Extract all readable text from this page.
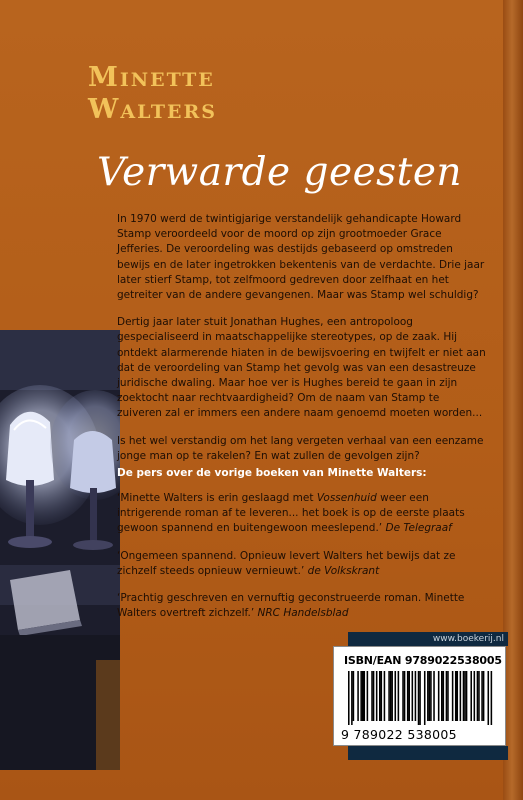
Minette
Walters
Verwarde geesten

In 1970 werd de twintigjarige verstandelijk gehandicapte Howard Stamp veroordeeld voor de moord op zijn grootmoeder Grace Jefferies. De veroordeling was destijds gebaseerd op omstreden bewijs en de later ingetrokken bekentenis van de verdachte. Drie jaar later stierf Stamp, tot zelfmoord gedreven door zelfhaat en het getreiter van de andere gevangenen. Maar was Stamp wel schuldig?

Dertig jaar later stuit Jonathan Hughes, een antropoloog gespecialiseerd in maatschappelijke stereotypes, op de zaak. Hij ontdekt alarmerende hiaten in de bewijsvoering en twijfelt er niet aan dat de veroordeling van Stamp het gevolg was van een desastreuze juridische dwaling. Maar hoe ver is Hughes bereid te gaan in zijn zoektocht naar rechtvaardigheid? Om de naam van Stamp te zuiveren zal er immers een andere naam genoemd moeten worden...

Is het wel verstandig om het lang vergeten verhaal van een eenzame jonge man op te rakelen? En wat zullen de gevolgen zijn?

De pers over de vorige boeken van Minette Walters:

‘Minette Walters is erin geslaagd met Vossenhuid weer een intrigerende roman af te leveren... het boek is op de eerste plaats gewoon spannend en buitengewoon meeslepend.’ De Telegraaf

‘Ongemeen spannend. Opnieuw levert Walters het bewijs dat ze zichzelf steeds opnieuw vernieuwt.’ de Volkskrant

‘Prachtig geschreven en vernuftig geconstrueerde roman. Minette Walters overtreft zichzelf.’ NRC Handelsblad

www.boekerij.nl
ISBN/EAN 9789022538005
9 789022 538005
